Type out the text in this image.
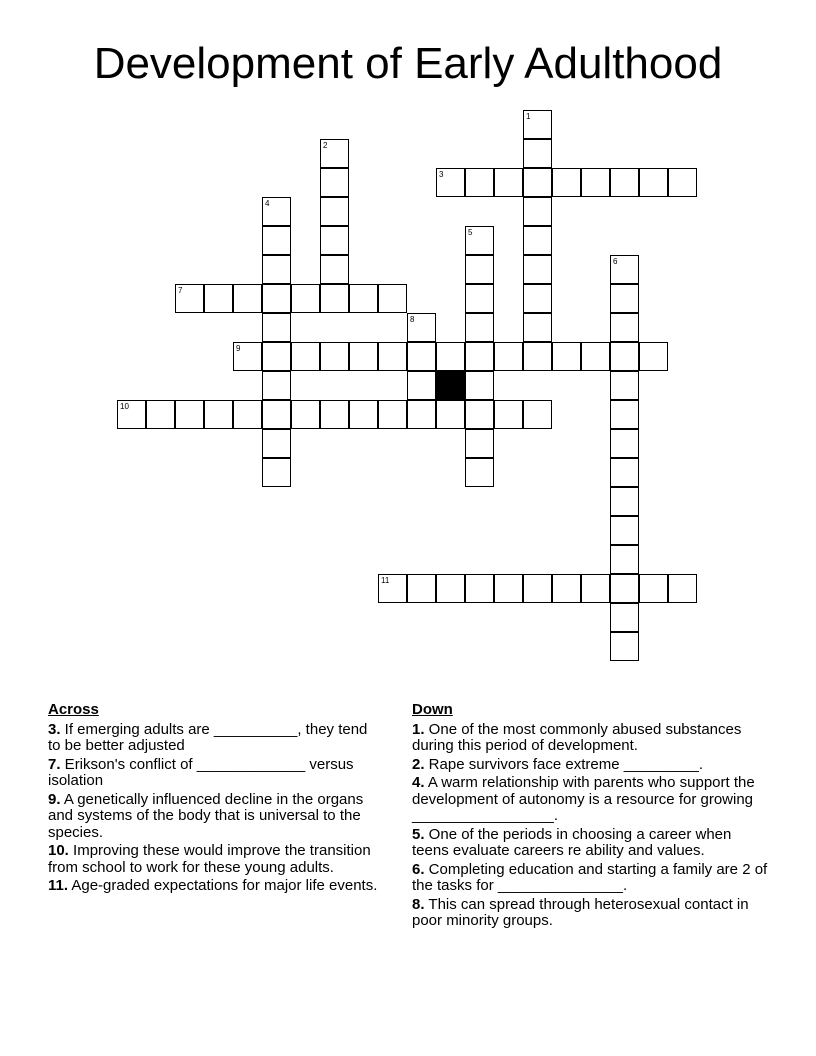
Development of Early Adulthood
1
2
3
4
5
6
7
8
9
10
11
Across
3. If emerging adults are __________, they tend to be better adjusted
7. Erikson's conflict of _____________ versus isolation
9. A genetically influenced decline in the organs and systems of the body that is universal to the species.
10. Improving these would improve the transition from school to work for these young adults.
11. Age-graded expectations for major life events.
Down
1. One of the most commonly abused substances during this period of development.
2. Rape survivors face extreme _________.
4. A warm relationship with parents who support the development of autonomy is a resource for growing _________________.
5. One of the periods in choosing a career when teens evaluate careers re ability and values.
6. Completing education and starting a family are 2 of the tasks for _______________.
8. This can spread through heterosexual contact in poor minority groups.
